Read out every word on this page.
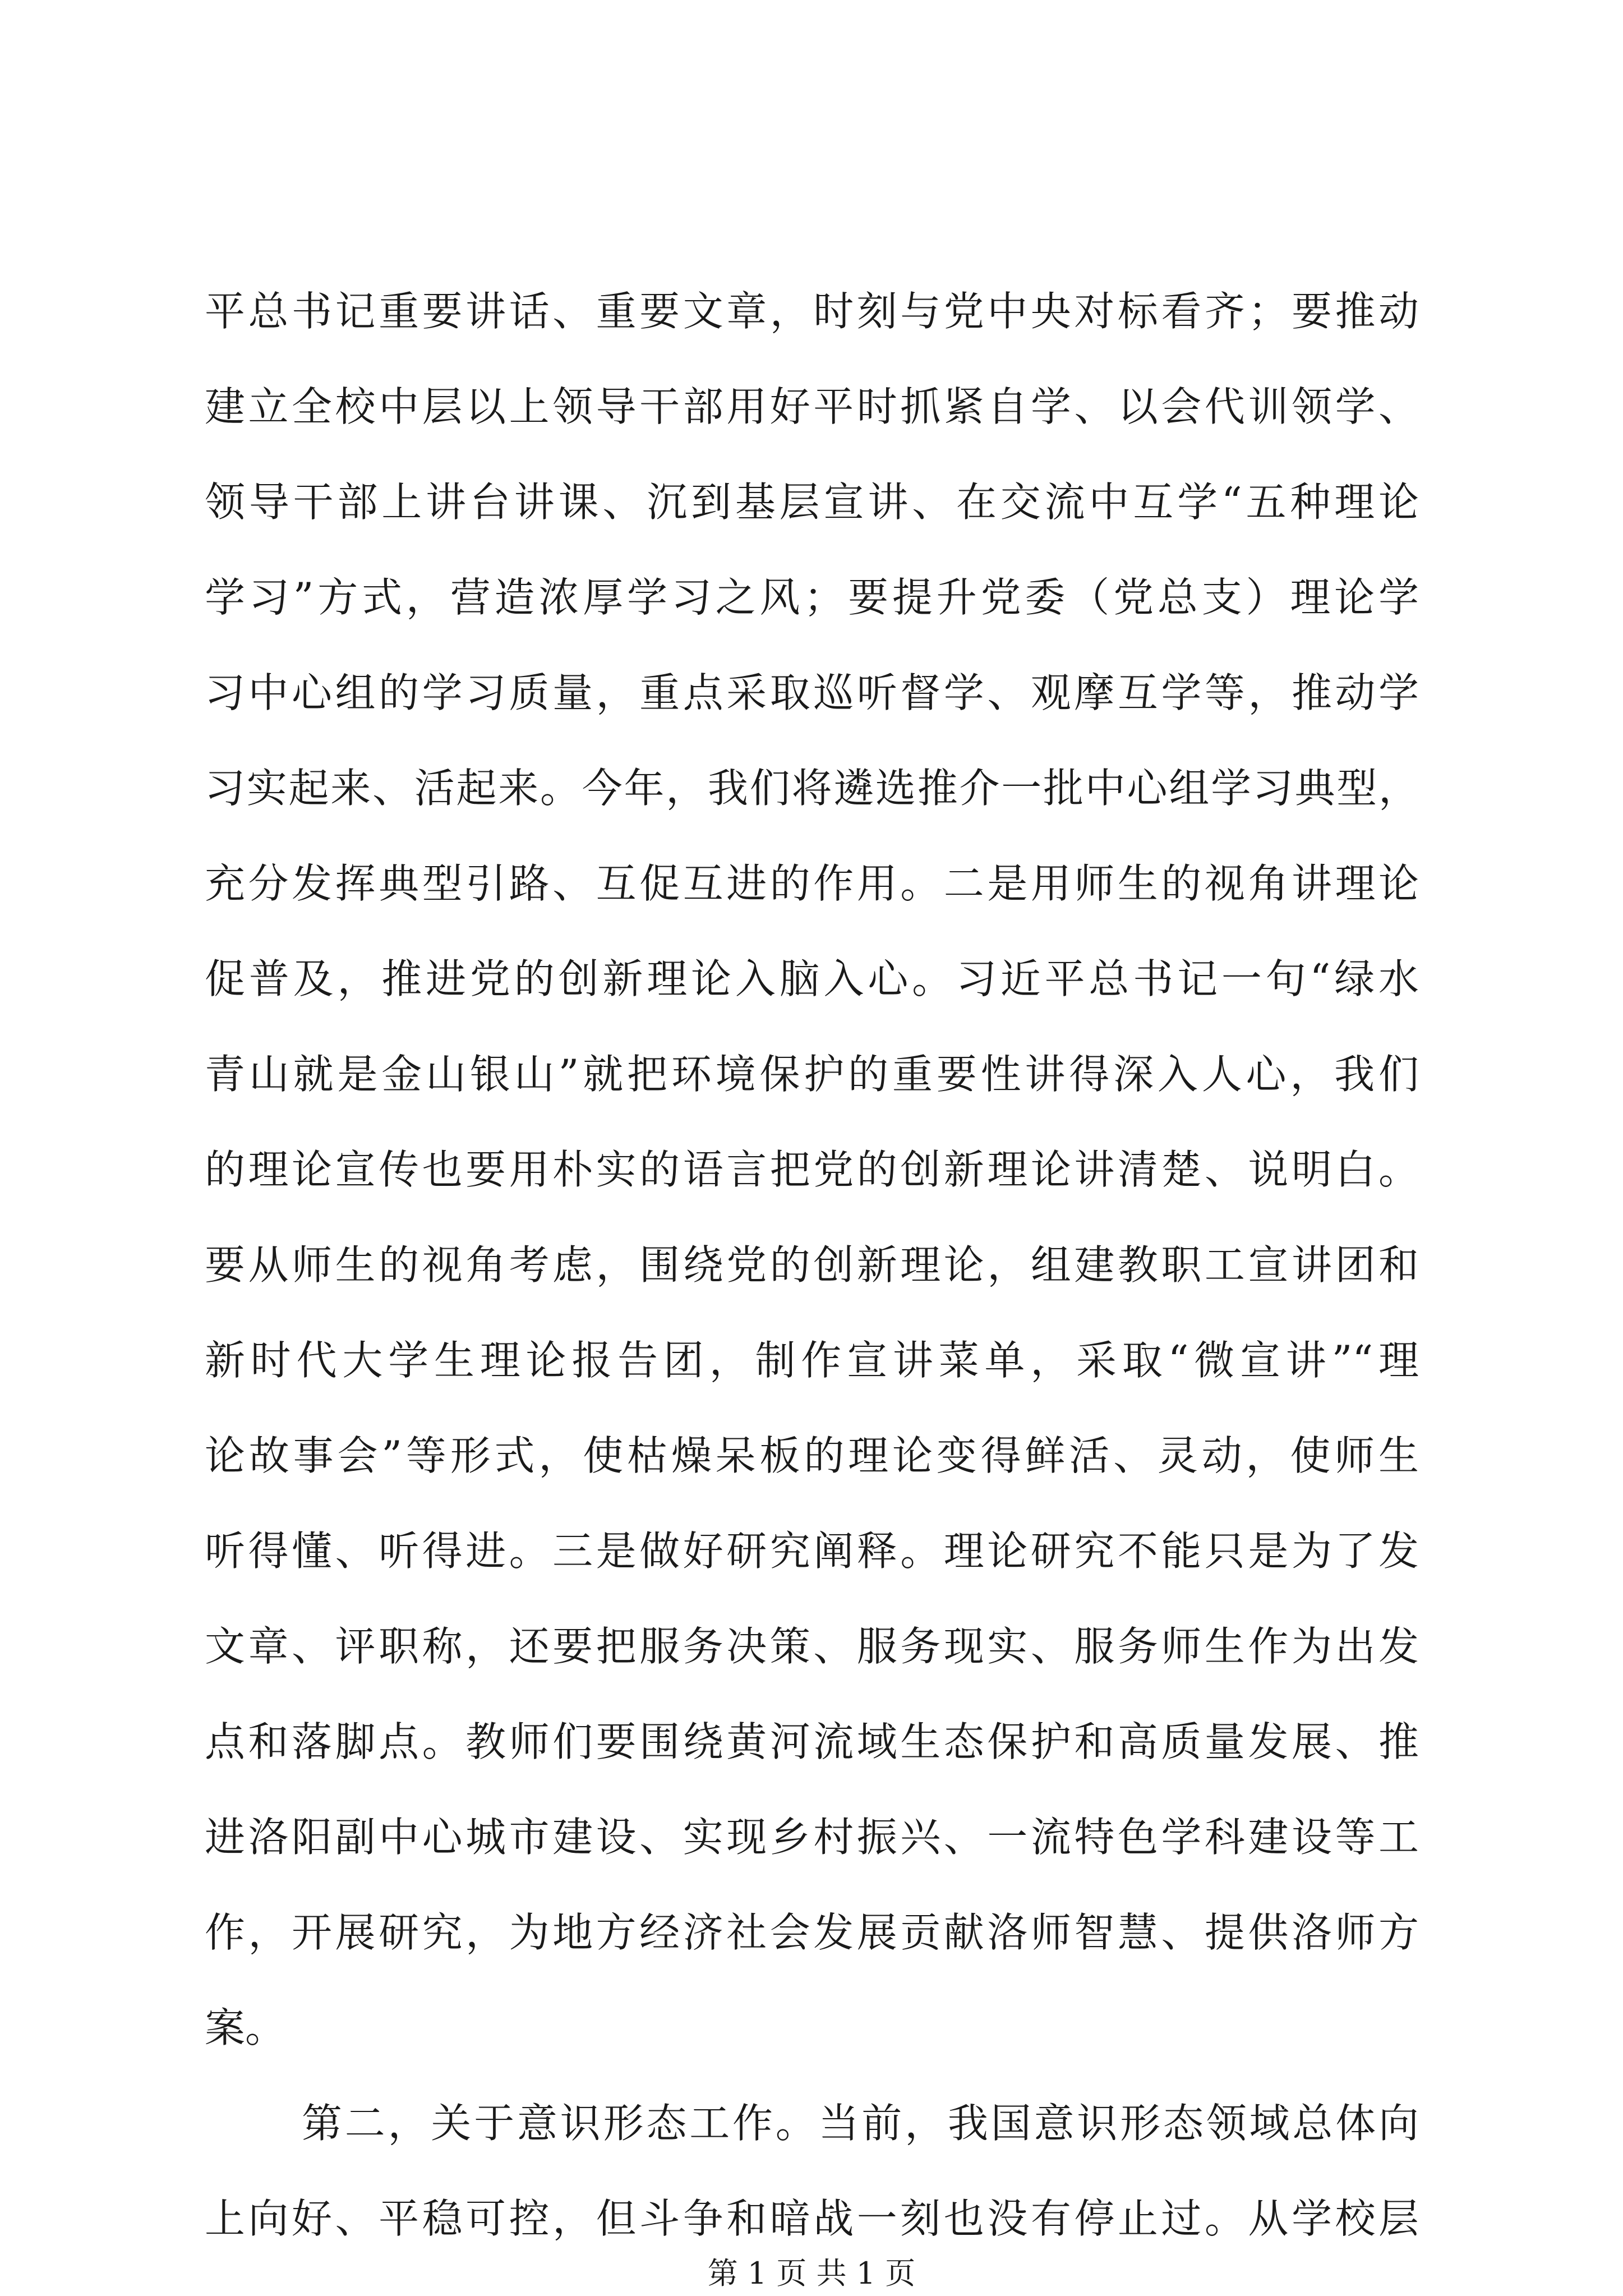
平总书记重要讲话、重要文章，时刻与党中央对标看齐；要推动
建立全校中层以上领导干部用好平时抓紧自学、以会代训领学、
领导干部上讲台讲课、沉到基层宣讲、在交流中互学“五种理论
学习”方式，营造浓厚学习之风；要提升党委（党总支）理论学
习中心组的学习质量，重点采取巡听督学、观摩互学等，推动学
习实起来、活起来。今年，我们将遴选推介一批中心组学习典型，
充分发挥典型引路、互促互进的作用。二是用师生的视角讲理论
促普及，推进党的创新理论入脑入心。习近平总书记一句“绿水
青山就是金山银山”就把环境保护的重要性讲得深入人心，我们
的理论宣传也要用朴实的语言把党的创新理论讲清楚、说明白。
要从师生的视角考虑，围绕党的创新理论，组建教职工宣讲团和
新时代大学生理论报告团，制作宣讲菜单，采取“微宣讲”“理
论故事会”等形式，使枯燥呆板的理论变得鲜活、灵动，使师生
听得懂、听得进。三是做好研究阐释。理论研究不能只是为了发
文章、评职称，还要把服务决策、服务现实、服务师生作为出发
点和落脚点。教师们要围绕黄河流域生态保护和高质量发展、推
进洛阳副中心城市建设、实现乡村振兴、一流特色学科建设等工
作，开展研究，为地方经济社会发展贡献洛师智慧、提供洛师方
案。
第二，关于意识形态工作。当前，我国意识形态领域总体向
上向好、平稳可控，但斗争和暗战一刻也没有停止过。从学校层
第 1 页 共 1 页
